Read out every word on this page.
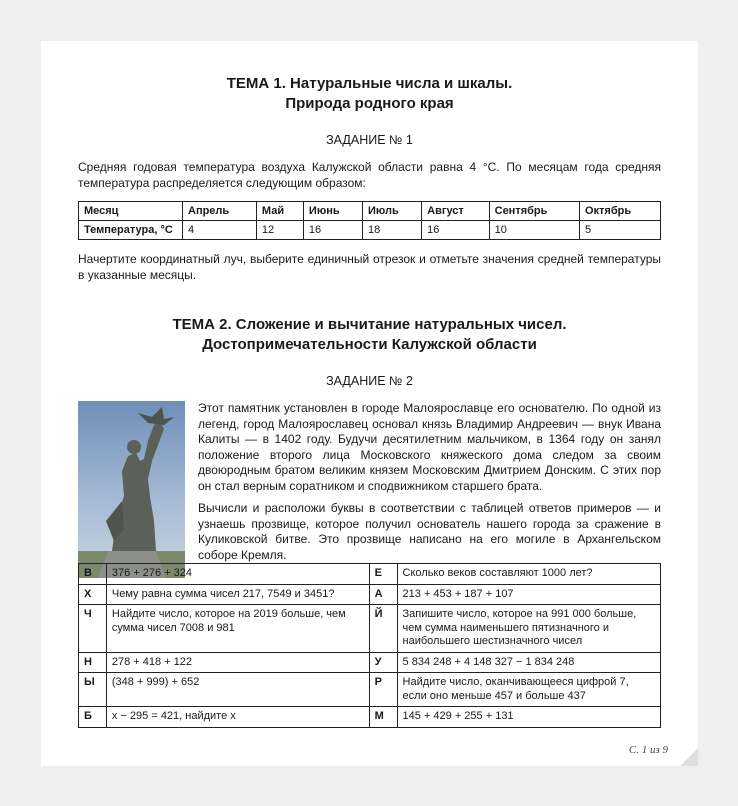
ТЕМА 1. Натуральные числа и шкалы.
Природа родного края
ЗАДАНИЕ № 1
Средняя годовая температура воздуха Калужской области равна 4 °C. По месяцам года средняя температура распределяется следующим образом:
Месяц	Апрель	Май	Июнь	Июль	Август	Сентябрь	Октябрь
Температура, °C	4	12	16	18	16	10	5
Начертите координатный луч, выберите единичный отрезок и отметьте значения средней температуры в указанные месяцы.
ТЕМА 2. Сложение и вычитание натуральных чисел.
Достопримечательности Калужской области
ЗАДАНИЕ № 2
Этот памятник установлен в городе Малоярославце его основателю. По одной из легенд, город Малоярославец основал князь Владимир Андреевич — внук Ивана Калиты — в 1402 году. Будучи десятилетним мальчиком, в 1364 году он занял положение второго лица Московского княжеского дома следом за своим двоюродным братом великим князем Московским Дмитрием Донским. С этих пор он стал верным соратником и сподвижником старшего брата.
Вычисли и расположи буквы в соответствии с таблицей ответов примеров — и узнаешь прозвище, которое получил основатель нашего города за сражение в Куликовской битве. Это прозвище написано на его могиле в Архангельском соборе Кремля.
В	376 + 276 + 324	Е	Сколько веков составляют 1000 лет?
Х	Чему равна сумма чисел 217, 7549 и 3451?	А	213 + 453 + 187 + 107
Ч	Найдите число, которое на 2019 больше, чем сумма чисел 7008 и 981	Й	Запишите число, которое на 991 000 больше, чем сумма наименьшего пятизначного и наибольшего шестизначного чисел
Н	278 + 418 + 122	У	5 834 248 + 4 148 327 − 1 834 248
Ы	(348 + 999) + 652	Р	Найдите число, оканчивающееся цифрой 7, если оно меньше 457 и больше 437
Б	x − 295 = 421, найдите x	М	145 + 429 + 255 + 131
С. 1 из 9
